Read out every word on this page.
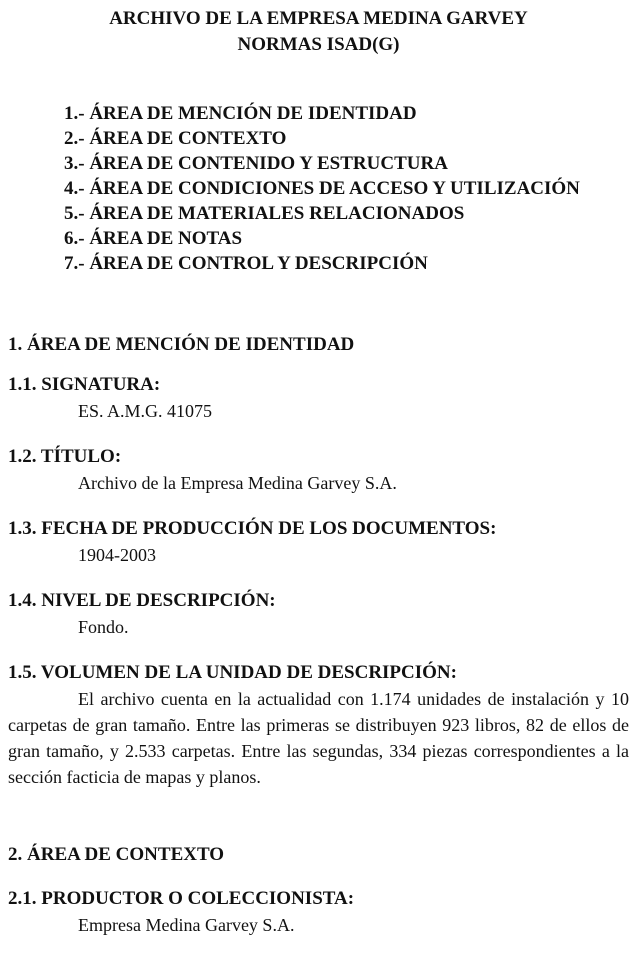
ARCHIVO DE LA EMPRESA MEDINA GARVEY
NORMAS ISAD(G)
1.- ÁREA DE MENCIÓN DE IDENTIDAD
2.- ÁREA DE CONTEXTO
3.- ÁREA DE CONTENIDO Y ESTRUCTURA
4.- ÁREA DE CONDICIONES DE ACCESO Y UTILIZACIÓN
5.- ÁREA DE MATERIALES RELACIONADOS
6.- ÁREA DE NOTAS
7.- ÁREA DE CONTROL Y DESCRIPCIÓN
1. ÁREA DE MENCIÓN DE IDENTIDAD
1.1. SIGNATURA:
ES. A.M.G. 41075
1.2. TÍTULO:
Archivo de la Empresa Medina Garvey S.A.
1.3. FECHA DE PRODUCCIÓN DE LOS DOCUMENTOS:
1904-2003
1.4. NIVEL DE DESCRIPCIÓN:
Fondo.
1.5. VOLUMEN DE LA UNIDAD DE DESCRIPCIÓN:

El archivo cuenta en la actualidad con 1.174 unidades de instalación y 10 carpetas de gran tamaño. Entre las primeras se distribuyen 923 libros, 82 de ellos de gran tamaño, y 2.533 carpetas. Entre las segundas, 334 piezas correspondientes a la sección facticia de mapas y planos.

2. ÁREA DE CONTEXTO
2.1. PRODUCTOR O COLECCIONISTA:
Empresa Medina Garvey S.A.
